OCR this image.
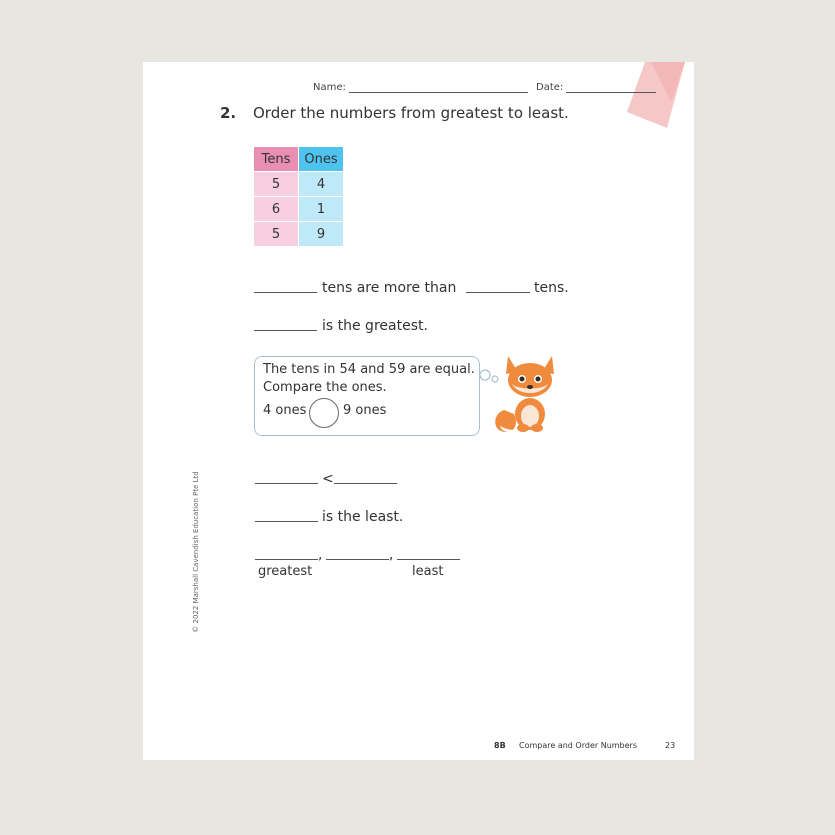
Name:	Date:
2. Order the numbers from greatest to least.
Tens	Ones
5	4
6	1
5	9
tens are more than	tens.
is the greatest.
The tens in 54 and 59 are equal.
Compare the ones.
4 ones	9 ones
<
is the least.
,	,
greatest	least
© 2022 Marshall Cavendish Education Pte Ltd
8B Compare and Order Numbers	23
